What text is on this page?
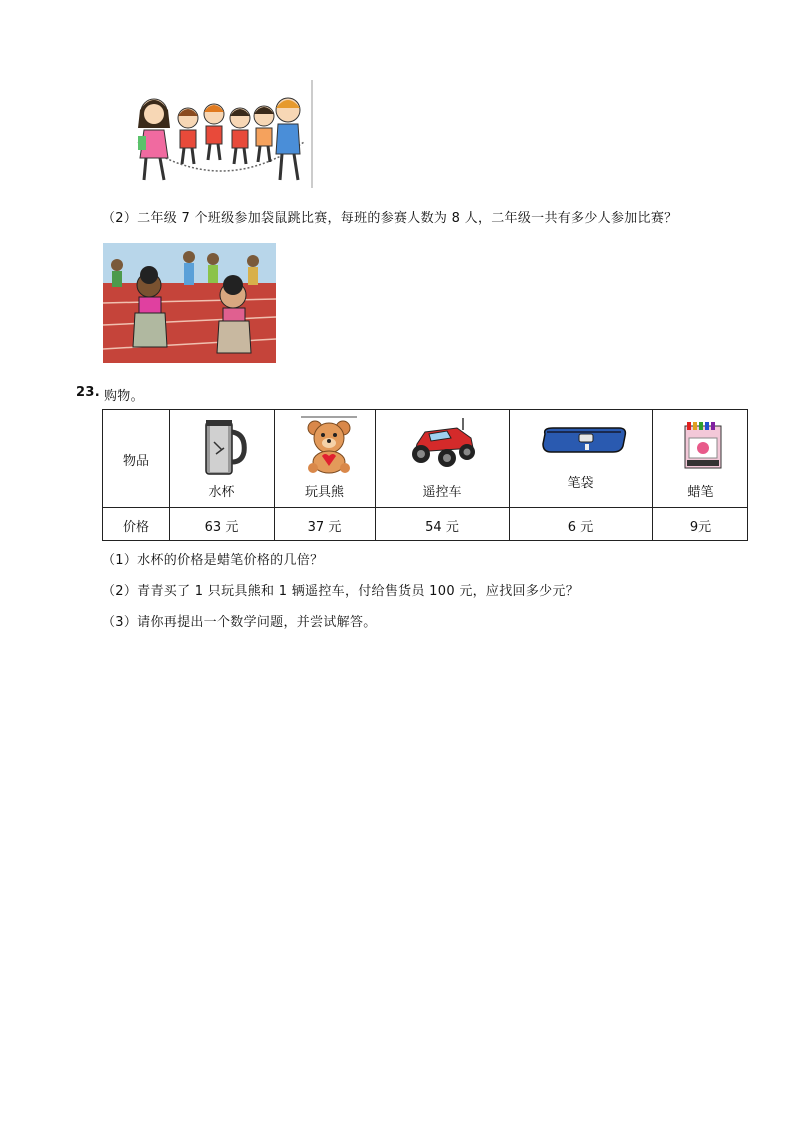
（2）二年级 7 个班级参加袋鼠跳比赛，每班的参赛人数为 8 人，二年级一共有多少人参加比赛？
23. 购物。
物品
价格
水杯
63 元
玩具熊
37 元
遥控车
54 元
笔袋
6 元
蜡笔
9元
（1）水杯的价格是蜡笔价格的几倍？
（2）青青买了 1 只玩具熊和 1 辆遥控车，付给售货员 100 元，应找回多少元？
（3）请你再提出一个数学问题，并尝试解答。
